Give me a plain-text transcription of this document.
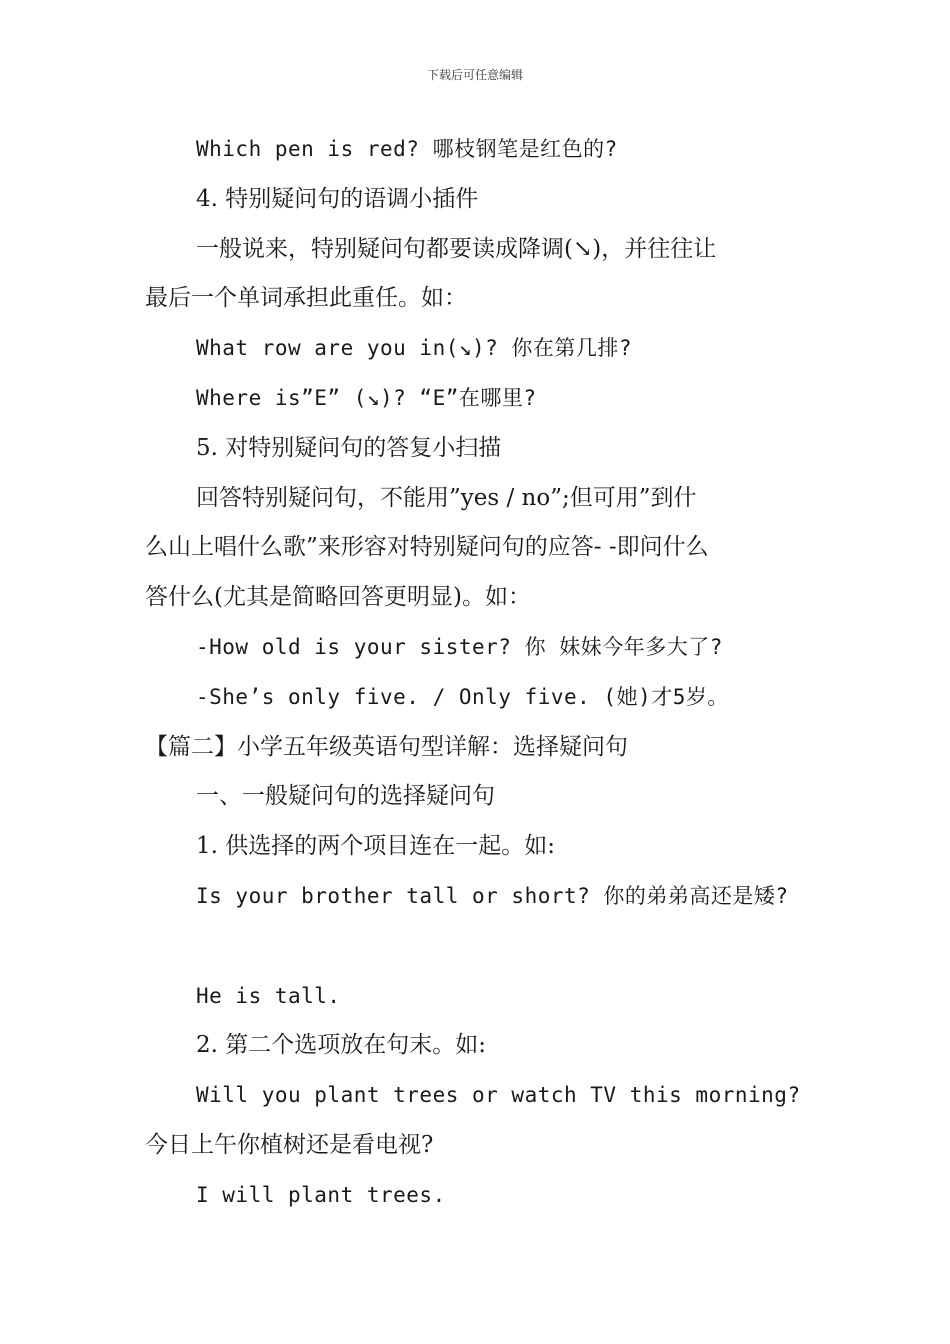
下载后可任意编辑
Which pen is red? 哪枝钢笔是红色的?
4. 特别疑问句的语调小插件
一般说来，特别疑问句都要读成降调(↘)，并往往让
最后一个单词承担此重任。如：
What row are you in(↘)? 你在第几排?
Where is”E” (↘)? “E”在哪里?
5. 对特别疑问句的答复小扫描
回答特别疑问句，不能用”yes / no”;但可用”到什
么山上唱什么歌”来形容对特别疑问句的应答- -即问什么
答什么(尤其是简略回答更明显)。如：
-How old is your sister? 你 妹妹今年多大了?
-She’s only five. / Only five. (她)才5岁。
【篇二】小学五年级英语句型详解：选择疑问句
一、一般疑问句的选择疑问句
1. 供选择的两个项目连在一起。如:
Is your brother tall or short? 你的弟弟高还是矮?
He is tall.
2. 第二个选项放在句末。如:
Will you plant trees or watch TV this morning?
今日上午你植树还是看电视?
I will plant trees.
